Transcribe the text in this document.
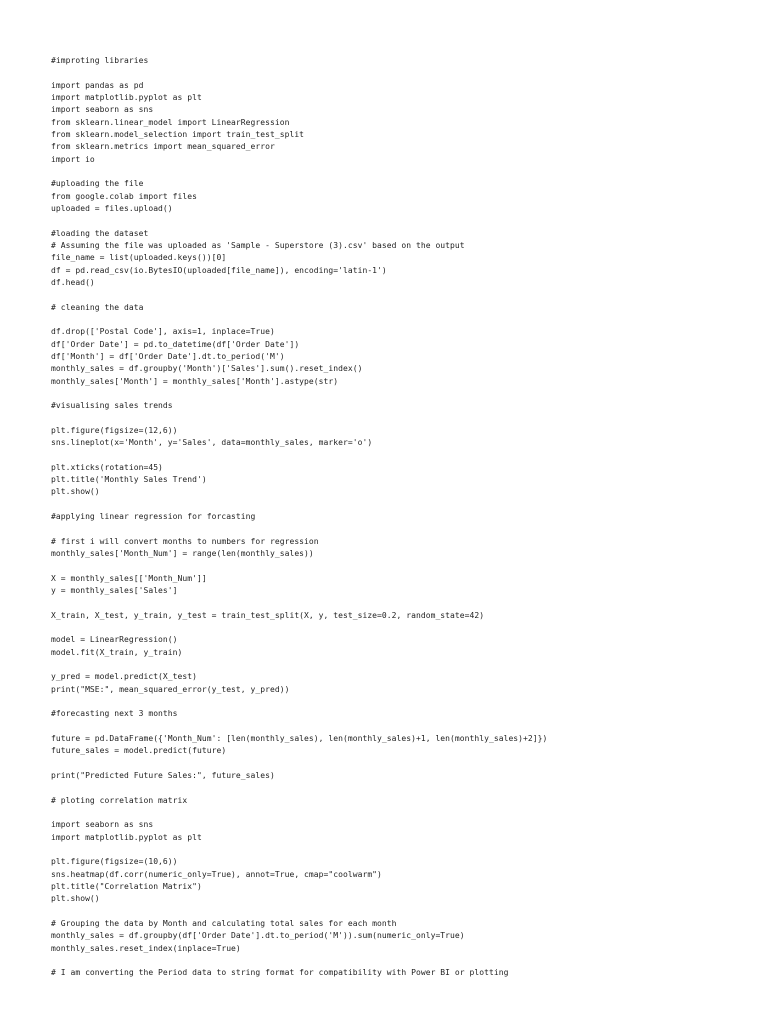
#improting libraries
import pandas as pd
import matplotlib.pyplot as plt
import seaborn as sns
from sklearn.linear_model import LinearRegression
from sklearn.model_selection import train_test_split
from sklearn.metrics import mean_squared_error
import io
#uploading the file
from google.colab import files
uploaded = files.upload()
#loading the dataset
# Assuming the file was uploaded as 'Sample - Superstore (3).csv' based on the output
file_name = list(uploaded.keys())[0]
df = pd.read_csv(io.BytesIO(uploaded[file_name]), encoding='latin-1')
df.head()
# cleaning the data
df.drop(['Postal Code'], axis=1, inplace=True)
df['Order Date'] = pd.to_datetime(df['Order Date'])
df['Month'] = df['Order Date'].dt.to_period('M')
monthly_sales = df.groupby('Month')['Sales'].sum().reset_index()
monthly_sales['Month'] = monthly_sales['Month'].astype(str)
#visualising sales trends
plt.figure(figsize=(12,6))
sns.lineplot(x='Month', y='Sales', data=monthly_sales, marker='o')
plt.xticks(rotation=45)
plt.title('Monthly Sales Trend')
plt.show()
#applying linear regression for forcasting
# first i will convert months to numbers for regression
monthly_sales['Month_Num'] = range(len(monthly_sales))
X = monthly_sales[['Month_Num']]
y = monthly_sales['Sales']
X_train, X_test, y_train, y_test = train_test_split(X, y, test_size=0.2, random_state=42)
model = LinearRegression()
model.fit(X_train, y_train)
y_pred = model.predict(X_test)
print("MSE:", mean_squared_error(y_test, y_pred))
#forecasting next 3 months
future = pd.DataFrame({'Month_Num': [len(monthly_sales), len(monthly_sales)+1, len(monthly_sales)+2]})
future_sales = model.predict(future)
print("Predicted Future Sales:", future_sales)
# ploting correlation matrix
import seaborn as sns
import matplotlib.pyplot as plt
plt.figure(figsize=(10,6))
sns.heatmap(df.corr(numeric_only=True), annot=True, cmap="coolwarm")
plt.title("Correlation Matrix")
plt.show()
# Grouping the data by Month and calculating total sales for each month
monthly_sales = df.groupby(df['Order Date'].dt.to_period('M')).sum(numeric_only=True)
monthly_sales.reset_index(inplace=True)
# I am converting the Period data to string format for compatibility with Power BI or plotting
